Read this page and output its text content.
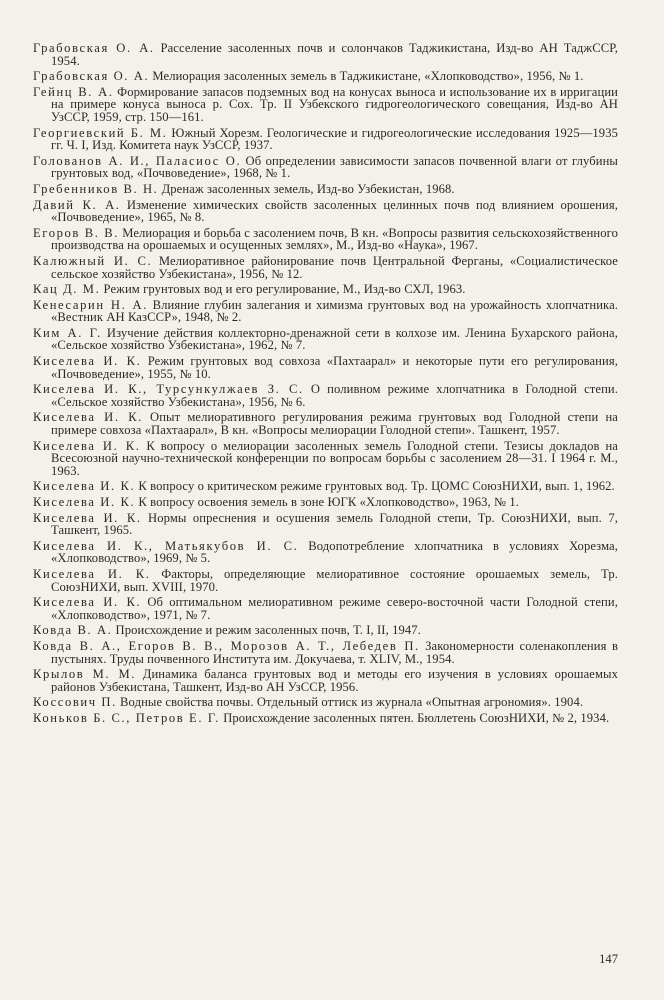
Грабовская О. А. Расселение засоленных почв и солончаков Таджикистана, Изд-во АН ТаджССР, 1954.

Грабовская О. А. Мелиорация засоленных земель в Таджикистане, «Хлопководство», 1956, № 1.

Гейнц В. А. Формирование запасов подземных вод на конусах выноса и использование их в ирригации на примере конуса выноса р. Сох. Тр. II Узбекского гидрогеологического совещания, Изд-во АН УзССР, 1959, стр. 150—161.

Георгиевский Б. М. Южный Хорезм. Геологические и гидрогеологические исследования 1925—1935 гг. Ч. I, Изд. Комитета наук УзССР, 1937.

Голованов А. И., Паласиос О. Об определении зависимости запасов почвенной влаги от глубины грунтовых вод, «Почвоведение», 1968, № 1.

Гребенников В. Н. Дренаж засоленных земель, Изд-во Узбекистан, 1968.

Давий К. А. Изменение химических свойств засоленных целинных почв под влиянием орошения, «Почвоведение», 1965, № 8.

Егоров В. В. Мелиорация и борьба с засолением почв, В кн. «Вопросы развития сельскохозяйственного производства на орошаемых и осущенных землях», М., Изд-во «Наука», 1967.

Калюжный И. С. Мелиоративное районирование почв Центральной Ферганы, «Социалистическое сельское хозяйство Узбекистана», 1956, № 12.

Кац Д. М. Режим грунтовых вод и его регулирование, М., Изд-во СХЛ, 1963.

Кенесарин Н. А. Влияние глубин залегания и химизма грунтовых вод на урожайность хлопчатника. «Вестник АН КазССР», 1948, № 2.

Ким А. Г. Изучение действия коллекторно-дренажной сети в колхозе им. Ленина Бухарского района, «Сельское хозяйство Узбекистана», 1962, № 7.

Киселева И. К. Режим грунтовых вод совхоза «Пахтаарал» и некоторые пути его регулирования, «Почвоведение», 1955, № 10.

Киселева И. К., Турсункулжаев З. С. О поливном режиме хлопчатника в Голодной степи. «Сельское хозяйство Узбекистана», 1956, № 6.

Киселева И. К. Опыт мелиоративного регулирования режима грунтовых вод Голодной степи на примере совхоза «Пахтаарал», В кн. «Вопросы мелиорации Голодной степи». Ташкент, 1957.

Киселева И. К. К вопросу о мелиорации засоленных земель Голодной степи. Тезисы докладов на Всесоюзной научно-технической конференции по вопросам борьбы с засолением 28—31. I 1964 г. М., 1963.

Киселева И. К. К вопросу о критическом режиме грунтовых вод. Тр. ЦОМС СоюзНИХИ, вып. 1, 1962.

Киселева И. К. К вопросу освоения земель в зоне ЮГК «Хлопководство», 1963, № 1.

Киселева И. К. Нормы опреснения и осушения земель Голодной степи, Тр. СоюзНИХИ, вып. 7, Ташкент, 1965.

Киселева И. К., Матьякубов И. С. Водопотребление хлопчатника в условиях Хорезма, «Хлопководство», 1969, № 5.

Киселева И. К. Факторы, определяющие мелиоративное состояние орошаемых земель, Тр. СоюзНИХИ, вып. XVIII, 1970.

Киселева И. К. Об оптимальном мелиоративном режиме северо-восточной части Голодной степи, «Хлопководство», 1971, № 7.

Ковда В. А. Происхождение и режим засоленных почв, Т. I, II, 1947.

Ковда В. А., Егоров В. В., Морозов А. Т., Лебедев П. Закономерности соленакопления в пустынях. Труды почвенного Института им. Докучаева, т. XLIV, М., 1954.

Крылов М. М. Динамика баланса грунтовых вод и методы его изучения в условиях орошаемых районов Узбекистана, Ташкент, Изд-во АН УзССР, 1956.

Коссович П. Водные свойства почвы. Отдельный оттиск из журнала «Опытная агрономия». 1904.

Коньков Б. С., Петров Е. Г. Происхождение засоленных пятен. Бюллетень СоюзНИХИ, № 2, 1934.

147
